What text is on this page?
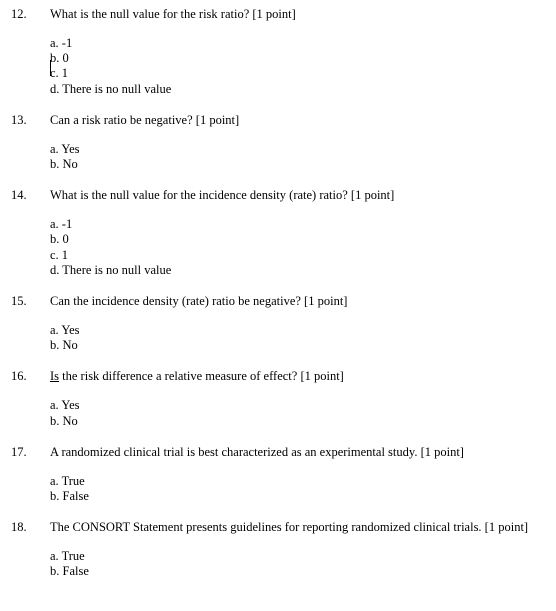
12. What is the null value for the risk ratio? [1 point]
a. -1
b. 0
c. 1
d. There is no null value
13. Can a risk ratio be negative? [1 point]
a. Yes
b. No
14. What is the null value for the incidence density (rate) ratio? [1 point]
a. -1
b. 0
c. 1
d. There is no null value
15. Can the incidence density (rate) ratio be negative? [1 point]
a. Yes
b. No
16. Is the risk difference a relative measure of effect? [1 point]
a. Yes
b. No
17. A randomized clinical trial is best characterized as an experimental study. [1 point]
a. True
b. False
18. The CONSORT Statement presents guidelines for reporting randomized clinical trials. [1 point]
a. True
b. False
